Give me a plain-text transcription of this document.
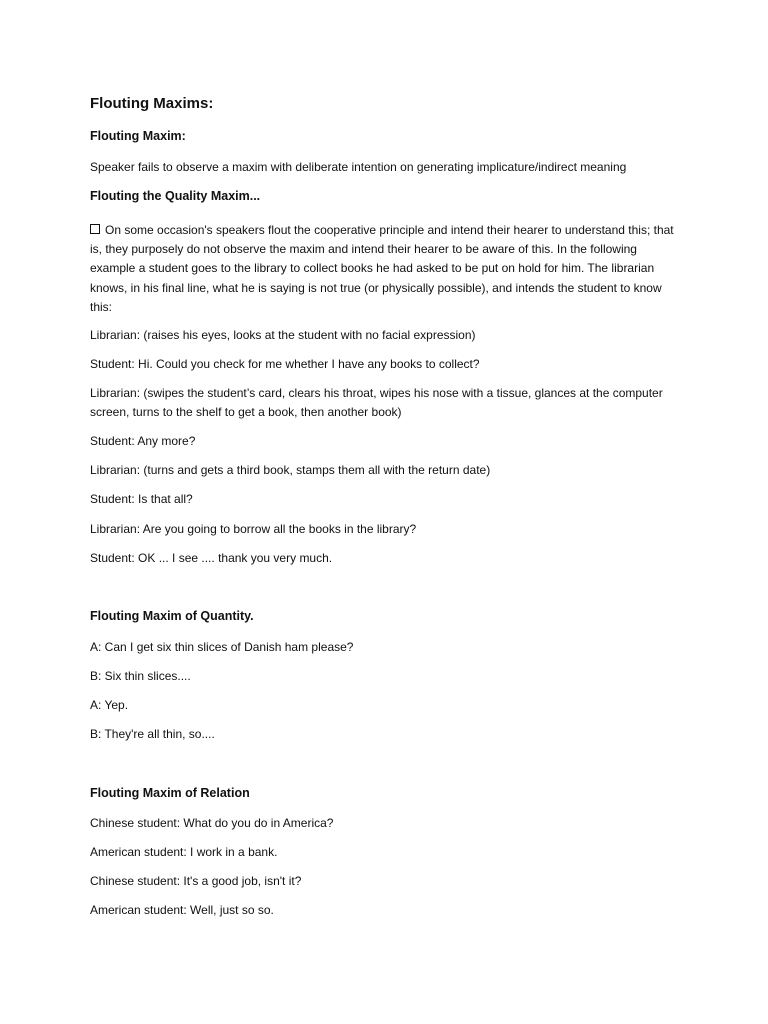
Flouting Maxims:
Flouting Maxim:
Speaker fails to observe a maxim with deliberate intention on generating implicature/indirect meaning
Flouting the Quality Maxim...
On some occasion's speakers flout the cooperative principle and intend their hearer to understand this; that is, they purposely do not observe the maxim and intend their hearer to be aware of this. In the following example a student goes to the library to collect books he had asked to be put on hold for him. The librarian knows, in his final line, what he is saying is not true (or physically possible), and intends the student to know this:
Librarian: (raises his eyes, looks at the student with no facial expression)
Student: Hi. Could you check for me whether I have any books to collect?
Librarian: (swipes the student’s card, clears his throat, wipes his nose with a tissue, glances at the computer screen, turns to the shelf to get a book, then another book)
Student: Any more?
Librarian: (turns and gets a third book, stamps them all with the return date)
Student: Is that all?
Librarian: Are you going to borrow all the books in the library?
Student: OK ... I see .... thank you very much.
Flouting Maxim of Quantity.
A: Can I get six thin slices of Danish ham please?
B: Six thin slices....
A: Yep.
B: They're all thin, so....
Flouting Maxim of Relation
Chinese student: What do you do in America?
American student: I work in a bank.
Chinese student: It's a good job, isn't it?
American student: Well, just so so.
